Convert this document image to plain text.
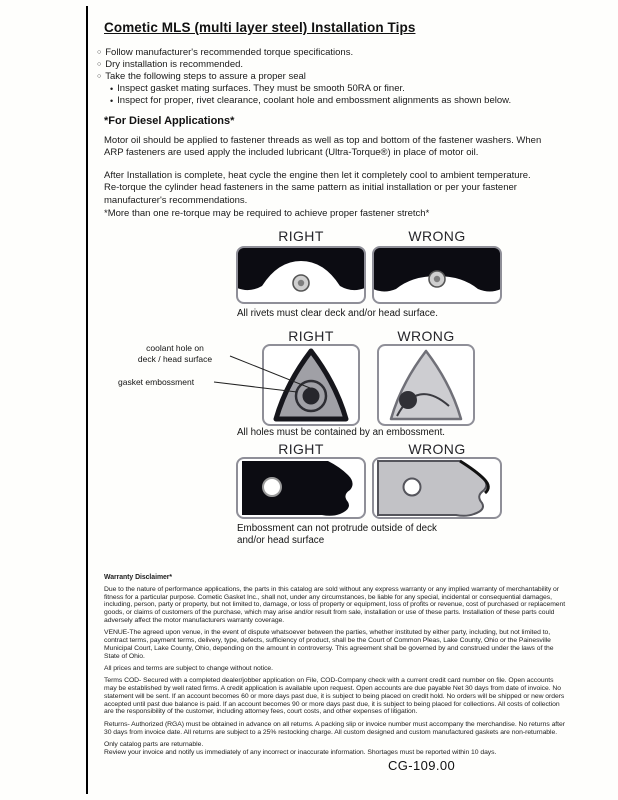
Cometic MLS (multi layer steel) Installation Tips
○ Follow manufacturer's recommended torque specifications.
○ Dry installation is recommended.
○ Take the following steps to assure a proper seal
• Inspect gasket mating surfaces. They must be smooth 50RA or finer.
• Inspect for proper, rivet clearance, coolant hole and embossment alignments as shown below.
*For Diesel Applications*
Motor oil should be applied to fastener threads as well as top and bottom of the fastener washers. When ARP fasteners are used apply the included lubricant (Ultra-Torque®) in place of motor oil.
After Installation is complete, heat cycle the engine then let it completely cool to ambient temperature. Re-torque the cylinder head fasteners in the same pattern as initial installation or per your fastener manufacturer's recommendations.
*More than one re-torque may be required to achieve proper fastener stretch*
RIGHT	WRONG
All rivets must clear deck and/or head surface.
RIGHT	WRONG
coolant hole on
deck / head surface
gasket embossment
All holes must be contained by an embossment.
RIGHT	WRONG
Embossment can not protrude outside of deck
and/or head surface
Warranty Disclaimer*

Due to the nature of performance applications, the parts in this catalog are sold without any express warranty or any implied warranty of merchantability or fitness for a particular purpose. Cometic Gasket Inc., shall not, under any circumstances, be liable for any special, incidental or consequential damages, including, person, party or property, but not limited to, damage, or loss of property or equipment, loss of profits or revenue, cost of purchased or replacement goods, or claims of customers of the purchase, which may arise and/or result from sale, installation or use of these parts. Installation of these parts could adversely affect the motor manufacturers warranty coverage.

VENUE-The agreed upon venue, in the event of dispute whatsoever between the parties, whether instituted by either party, including, but not limited to, contract terms, payment terms, delivery, type, defects, sufficiency of product, shall be the Court of Common Pleas, Lake County, Ohio or the Painesville Municipal Court, Lake County, Ohio, depending on the amount in controversy. This agreement shall be governed by and construed under the laws of the State of Ohio.

All prices and terms are subject to change without notice.

Terms COD- Secured with a completed dealer/jobber application on File, COD-Company check with a current credit card number on file. Open accounts may be established by well rated firms. A credit application is available upon request. Open accounts are due payable Net 30 days from date of invoice. No statement will be sent. If an account becomes 60 or more days past due, it is subject to being placed on credit hold. No orders will be shipped or new orders accepted until past due balance is paid. If an account becomes 90 or more days past due, it is subject to being placed for collections. All costs of collection are the responsibility of the customer, including attorney fees, court costs, and other expenses of litigation.

Returns- Authorized (RGA) must be obtained in advance on all returns. A packing slip or invoice number must accompany the merchandise. No returns after 30 days from invoice date. All returns are subject to a 25% restocking charge. All custom designed and custom manufactured gaskets are non-returnable.

Only catalog parts are returnable.

Review your invoice and notify us immediately of any incorrect or inaccurate information. Shortages must be reported within 10 days.

CG-109.00
